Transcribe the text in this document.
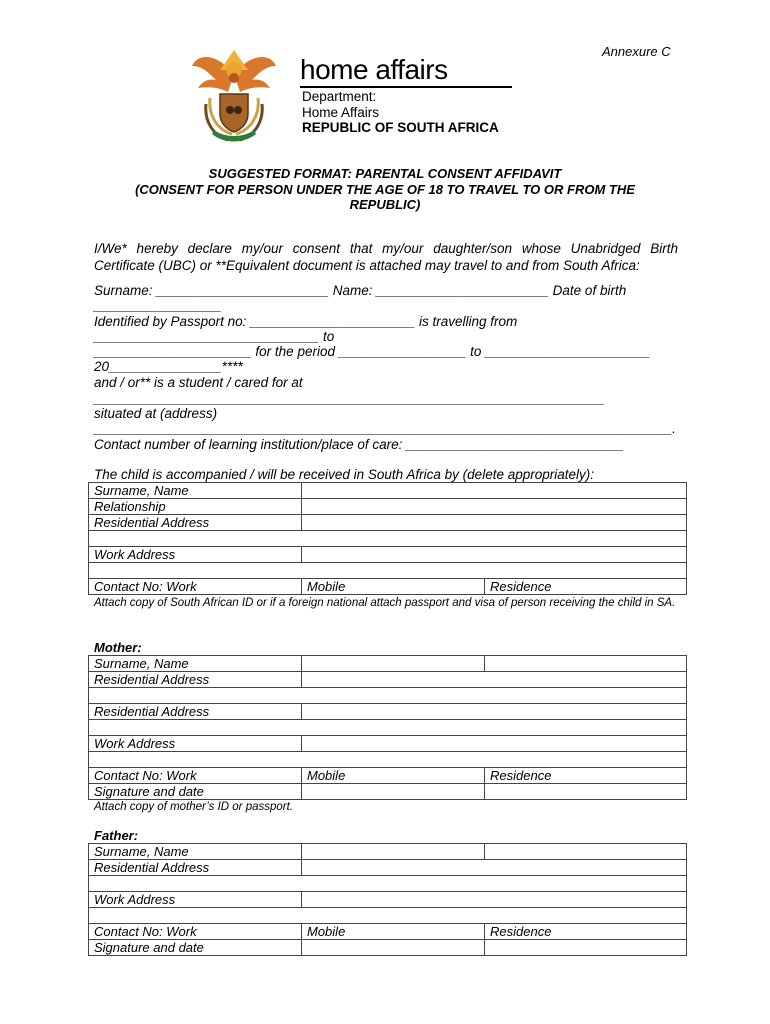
Annexure C
home affairs
Department:
Home Affairs
REPUBLIC OF SOUTH AFRICA
SUGGESTED FORMAT: PARENTAL CONSENT AFFIDAVIT
(CONSENT FOR PERSON UNDER THE AGE OF 18 TO TRAVEL TO OR FROM THE
REPUBLIC)
I/We* hereby declare my/our consent that my/our daughter/son whose Unabridged Birth Certificate (UBC) or **Equivalent document is attached may travel to and from South Africa:
Surname: _______________________ Name: _______________________ Date of birth
_________________
Identified by Passport no: ______________________ is travelling from
______________________________ to
_____________________ for the period _________________ to ______________________
20_______________****
and / or** is a student / cared for at
____________________________________________________________________
situated at (address)
_____________________________________________________________________________.
Contact number of learning institution/place of care: _____________________________
The child is accompanied / will be received in South Africa by (delete appropriately):
Surname, Name		
Relationship		
Residential Address		

Work Address		

Contact No: Work	Mobile	Residence
Attach copy of South African ID or if a foreign national attach passport and visa of person receiving the child in SA.
Mother:
Surname, Name		
Residential Address		

Residential Address		

Work Address		

Contact No: Work	Mobile	Residence
Signature and date		
Attach copy of mother’s ID or passport.
Father:
Surname, Name		
Residential Address		

Work Address		

Contact No: Work	Mobile	Residence
Signature and date		
